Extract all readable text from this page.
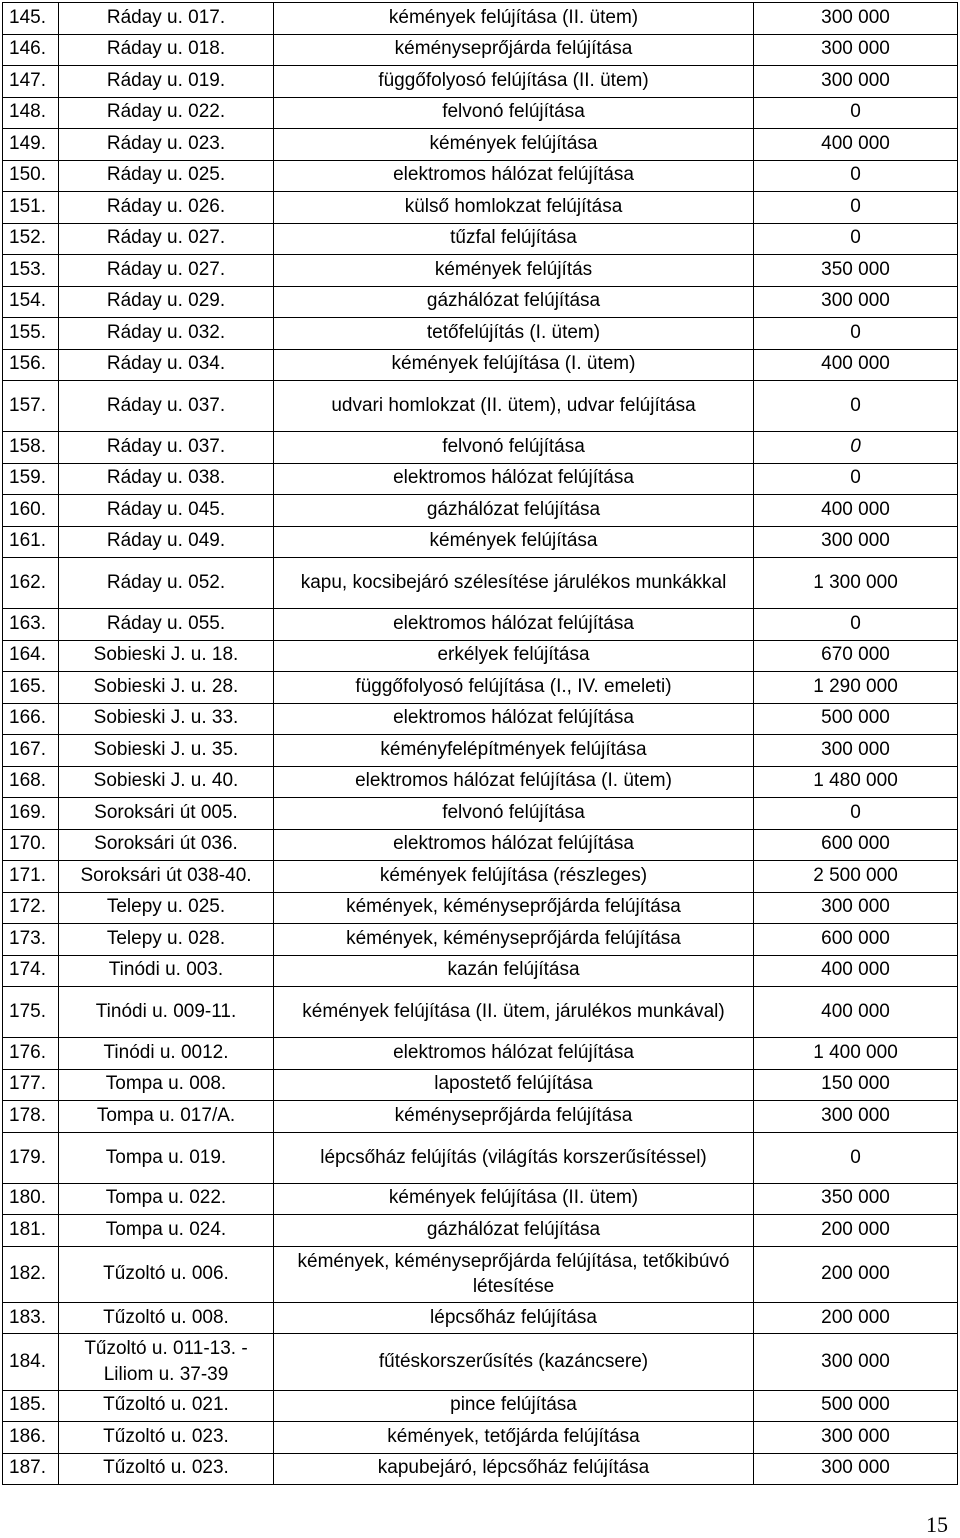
145.	Ráday u. 017.	kémények felújítása (II. ütem)	300 000
146.	Ráday u. 018.	kéményseprőjárda felújítása	300 000
147.	Ráday u. 019.	függőfolyosó felújítása (II. ütem)	300 000
148.	Ráday u. 022.	felvonó felújítása	0
149.	Ráday u. 023.	kémények felújítása	400 000
150.	Ráday u. 025.	elektromos hálózat felújítása	0
151.	Ráday u. 026.	külső homlokzat felújítása	0
152.	Ráday u. 027.	tűzfal felújítása	0
153.	Ráday u. 027.	kémények felújítás	350 000
154.	Ráday u. 029.	gázhálózat felújítása	300 000
155.	Ráday u. 032.	tetőfelújítás (I. ütem)	0
156.	Ráday u. 034.	kémények felújítása (I. ütem)	400 000
157.	Ráday u. 037.	udvari homlokzat (II. ütem), udvar felújítása	0
158.	Ráday u. 037.	felvonó felújítása	0
159.	Ráday u. 038.	elektromos hálózat felújítása	0
160.	Ráday u. 045.	gázhálózat felújítása	400 000
161.	Ráday u. 049.	kémények felújítása	300 000
162.	Ráday u. 052.	kapu, kocsibejáró szélesítése járulékos munkákkal	1 300 000
163.	Ráday u. 055.	elektromos hálózat felújítása	0
164.	Sobieski J. u. 18.	erkélyek felújítása	670 000
165.	Sobieski J. u. 28.	függőfolyosó felújítása (I., IV. emeleti)	1 290 000
166.	Sobieski J. u. 33.	elektromos hálózat felújítása	500 000
167.	Sobieski J. u. 35.	kéményfelépítmények felújítása	300 000
168.	Sobieski J. u. 40.	elektromos hálózat felújítása (I. ütem)	1 480 000
169.	Soroksári út 005.	felvonó felújítása	0
170.	Soroksári út 036.	elektromos hálózat felújítása	600 000
171.	Soroksári út 038-40.	kémények felújítása (részleges)	2 500 000
172.	Telepy u. 025.	kémények, kéményseprőjárda felújítása	300 000
173.	Telepy u. 028.	kémények, kéményseprőjárda felújítása	600 000
174.	Tinódi u. 003.	kazán felújítása	400 000
175.	Tinódi u. 009-11.	kémények felújítása (II. ütem, járulékos munkával)	400 000
176.	Tinódi u. 0012.	elektromos hálózat felújítása	1 400 000
177.	Tompa u. 008.	lapostető felújítása	150 000
178.	Tompa u. 017/A.	kéményseprőjárda felújítása	300 000
179.	Tompa u. 019.	lépcsőház felújítás (világítás korszerűsítéssel)	0
180.	Tompa u. 022.	kémények felújítása (II. ütem)	350 000
181.	Tompa u. 024.	gázhálózat felújítása	200 000
182.	Tűzoltó u. 006.	kémények, kéményseprőjárda felújítása, tetőkibúvó létesítése	200 000
183.	Tűzoltó u. 008.	lépcsőház felújítása	200 000
184.	Tűzoltó u. 011-13. - Liliom u. 37-39	fűtéskorszerűsítés (kazáncsere)	300 000
185.	Tűzoltó u. 021.	pince felújítása	500 000
186.	Tűzoltó u. 023.	kémények, tetőjárda felújítása	300 000
187.	Tűzoltó u. 023.	kapubejáró, lépcsőház felújítása	300 000
15
